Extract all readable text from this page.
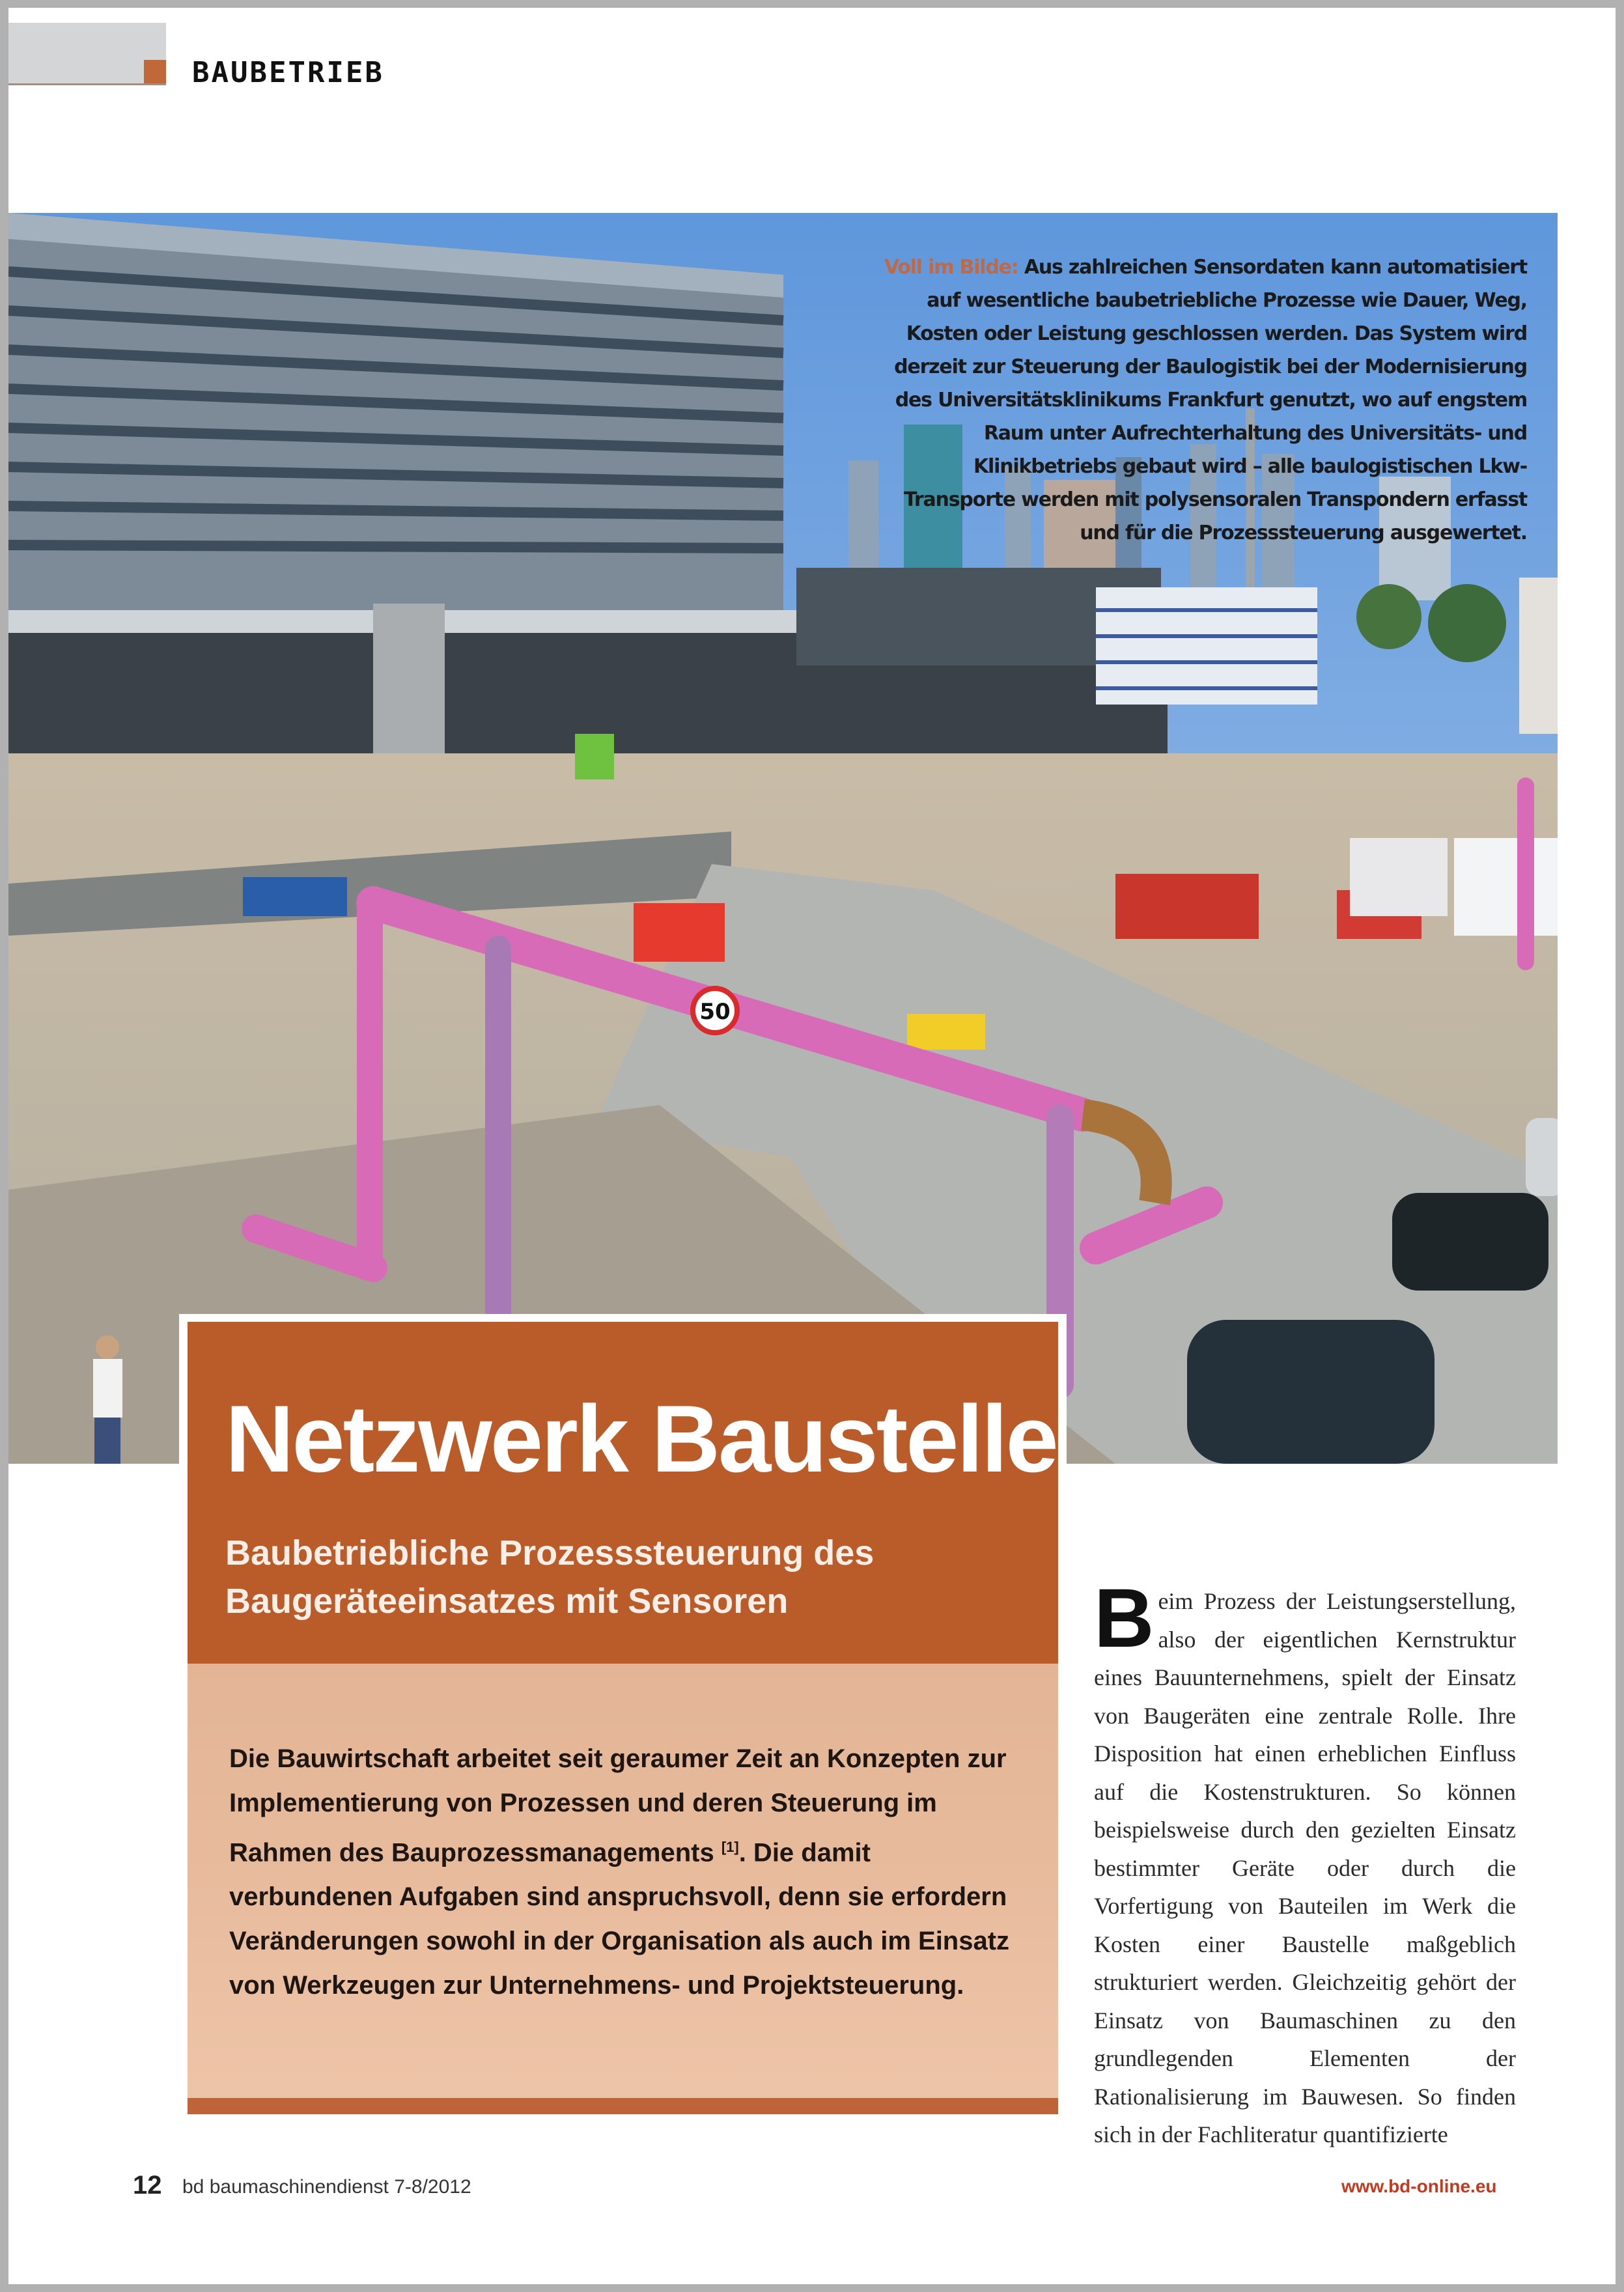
BAUBETRIEB
50
Voll im Bilde: Aus zahlreichen Sensordaten kann automatisiert auf wesentliche baubetriebliche Prozesse wie Dauer, Weg, Kosten oder Leistung geschlossen werden. Das System wird derzeit zur Steuerung der Baulogistik bei der Modernisierung des Universitätsklinikums Frankfurt genutzt, wo auf engstem Raum unter Aufrechterhaltung des Universitäts- und Klinikbetriebs gebaut wird – alle baulogistischen Lkw-Transporte werden mit polysensoralen Transpondern erfasst und für die Prozesssteuerung ausgewertet.
Netzwerk Baustelle
Baubetriebliche Prozesssteuerung des Baugeräteeinsatzes mit Sensoren

Die Bauwirtschaft arbeitet seit geraumer Zeit an Konzepten zur Implementierung von Prozessen und deren Steuerung im Rahmen des Bauprozessmanagements [1]. Die damit verbundenen Aufgaben sind anspruchsvoll, denn sie erfordern Veränderungen sowohl in der Organisation als auch im Einsatz von Werkzeugen zur Unternehmens- und Projektsteuerung.

Beim Prozess der Leistungserstellung, also der eigentlichen Kernstruktur eines Bauunternehmens, spielt der Einsatz von Baugeräten eine zentrale Rolle. Ihre Disposition hat einen erheblichen Einfluss auf die Kostenstrukturen. So können beispielsweise durch den gezielten Einsatz bestimmter Geräte oder durch die Vorfertigung von Bauteilen im Werk die Kosten einer Baustelle maßgeblich strukturiert werden. Gleichzeitig gehört der Einsatz von Baumaschinen zu den grundlegenden Elementen der Rationalisierung im Bauwesen. So finden sich in der Fachliteratur quantifizierte

12 bd baumaschinendienst 7-8/2012	www.bd-online.eu
